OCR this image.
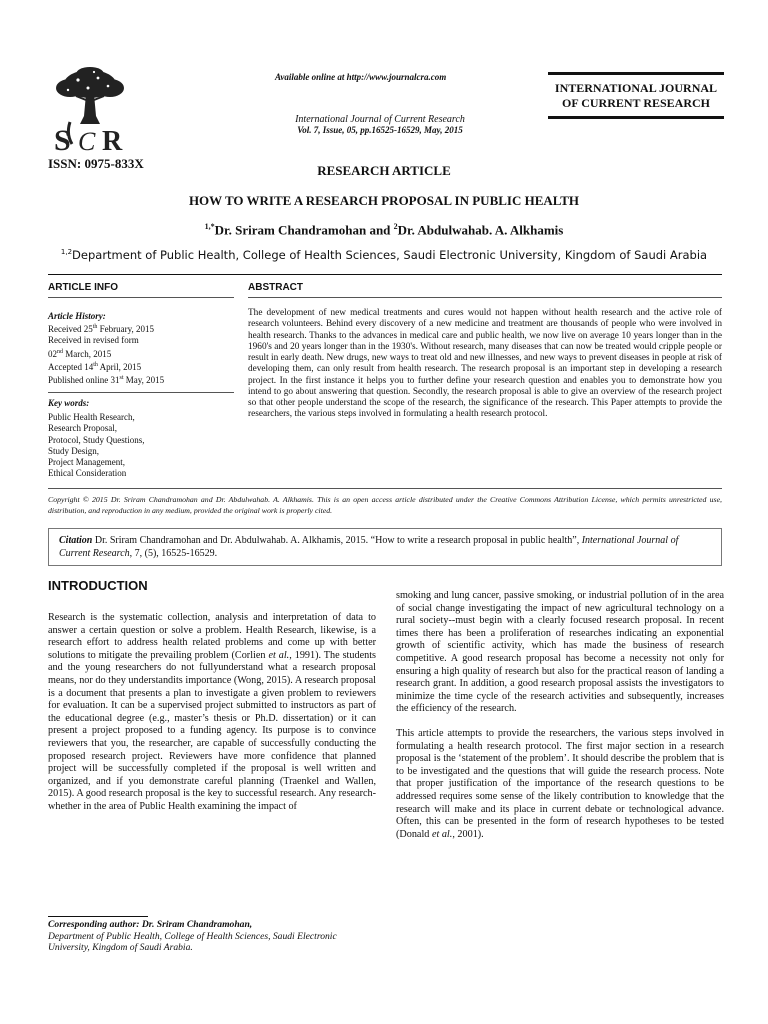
S C R
ISSN: 0975-833X
Available online at http://www.journalcra.com
International Journal of Current Research
Vol. 7, Issue, 05, pp.16525-16529, May, 2015
INTERNATIONAL JOURNAL
OF CURRENT RESEARCH
RESEARCH ARTICLE
HOW TO WRITE A RESEARCH PROPOSAL IN PUBLIC HEALTH
$^{1,*}$Dr. Sriram Chandramohan and $^2$Dr. Abdulwahab. A. Alkhamis
$^{1,2}$Department of Public Health, College of Health Sciences, Saudi Electronic University, Kingdom of Saudi Arabia
ARTICLE INFO	ABSTRACT
Article History:
Received 25th February, 2015
Received in revised form
02nd March, 2015
Accepted 14th April, 2015
Published online 31st May, 2015
Key words:
Public Health Research,
Research Proposal,
Protocol, Study Questions,
Study Design,
Project Management,
Ethical Consideration
The development of new medical treatments and cures would not happen without health research and the active role of research volunteers. Behind every discovery of a new medicine and treatment are thousands of people who were involved in health research. Thanks to the advances in medical care and public health, we now live on average 10 years longer than in the 1960's and 20 years longer than in the 1930's. Without research, many diseases that can now be treated would cripple people or result in early death. New drugs, new ways to treat old and new illnesses, and new ways to prevent diseases in people at risk of developing them, can only result from health research. The research proposal is an important step in developing a research project. In the first instance it helps you to further define your research question and enables you to demonstrate how you intend to go about answering that question. Secondly, the research proposal is able to give an overview of the research project so that other people understand the scope of the research, the significance of the research. This Paper attempts to provide the researchers, the various steps involved in formulating a health research protocol.
Copyright © 2015 Dr. Sriram Chandramohan and Dr. Abdulwahab. A. Alkhamis. This is an open access article distributed under the Creative Commons Attribution License, which permits unrestricted use, distribution, and reproduction in any medium, provided the original work is properly cited.
Citation Dr. Sriram Chandramohan and Dr. Abdulwahab. A. Alkhamis, 2015. “How to write a research proposal in public health”, International Journal of Current Research, 7, (5), 16525-16529.
INTRODUCTION

Research is the systematic collection, analysis and interpretation of data to answer a certain question or solve a problem. Health Research, likewise, is a research effort to address health related problems and come up with better solutions to mitigate the prevailing problem (Corlien et al., 1991). The students and the young researchers do not fullyunderstand what a research proposal means, nor do they understandits importance (Wong, 2015). A research proposal is a document that presents a plan to investigate a given problem to reviewers for evaluation. It can be a supervised project submitted to instructors as part of the educational degree (e.g., master’s thesis or Ph.D. dissertation) or it can present a project proposed to a funding agency. Its purpose is to convince reviewers that you, the researcher, are capable of successfully conducting the proposed research project. Reviewers have more confidence that planned project will be successfully completed if the proposal is well written and organized, and if you demonstrate careful planning (Traenkel and Wallen, 2015). A good research proposal is the key to successful research. Any research-whether in the area of Public Health examining the impact of

smoking and lung cancer, passive smoking, or industrial pollution of in the area of social change investigating the impact of new agricultural technology on a rural society--must begin with a clearly focused research proposal. In recent times there has been a proliferation of researches indicating an exponential growth of scientific activity, which has made the business of research competitive. A good research proposal has become a necessity not only for ensuring a high quality of research but also for the practical reason of landing a research grant. In addition, a good research proposal assists the investigators to minimize the time cycle of the research activities and subsequently, increases the efficiency of the research.

This article attempts to provide the researchers, the various steps involved in formulating a health research protocol. The first major section in a research proposal is the ‘statement of the problem’. It should describe the problem that is to be investigated and the questions that will guide the research process. Note that proper justification of the importance of the research questions to be addressed requires some sense of the likely contribution to knowledge that the research will make and its place in current debate or technological advance. Often, this can be presented in the form of research hypotheses to be tested (Donald et al., 2001).

Corresponding author: Dr. Sriram Chandramohan,
Department of Public Health, College of Health Sciences, Saudi Electronic University, Kingdom of Saudi Arabia.
